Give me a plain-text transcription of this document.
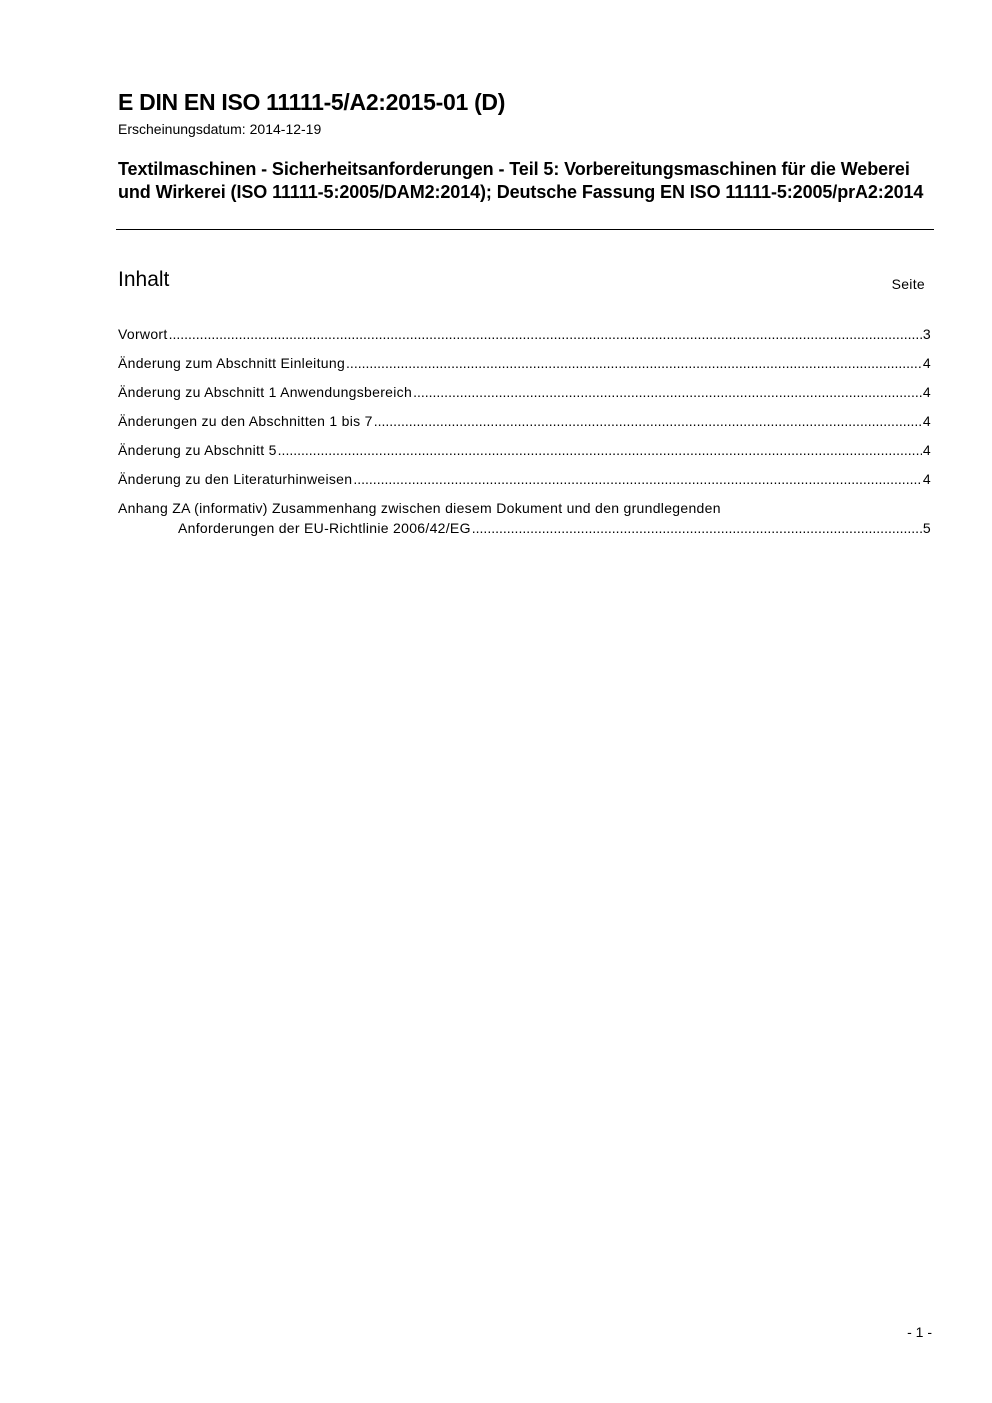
E DIN EN ISO 11111-5/A2:2015-01 (D)
Erscheinungsdatum: 2014-12-19
Textilmaschinen - Sicherheitsanforderungen - Teil 5: Vorbereitungsmaschinen für die Weberei und Wirkerei (ISO 11111-5:2005/DAM2:2014); Deutsche Fassung EN ISO 11111-5:2005/prA2:2014
Inhalt	Seite
Vorwort .....	3
Änderung zum Abschnitt Einleitung .....	4
Änderung zu Abschnitt 1 Anwendungsbereich .....	4
Änderungen zu den Abschnitten 1 bis 7 .....	4
Änderung zu Abschnitt 5 .....	4
Änderung zu den Literaturhinweisen .....	4
Anhang ZA (informativ) Zusammenhang zwischen diesem Dokument und den grundlegenden
Anforderungen der EU-Richtlinie 2006/42/EG .....	5
- 1 -
